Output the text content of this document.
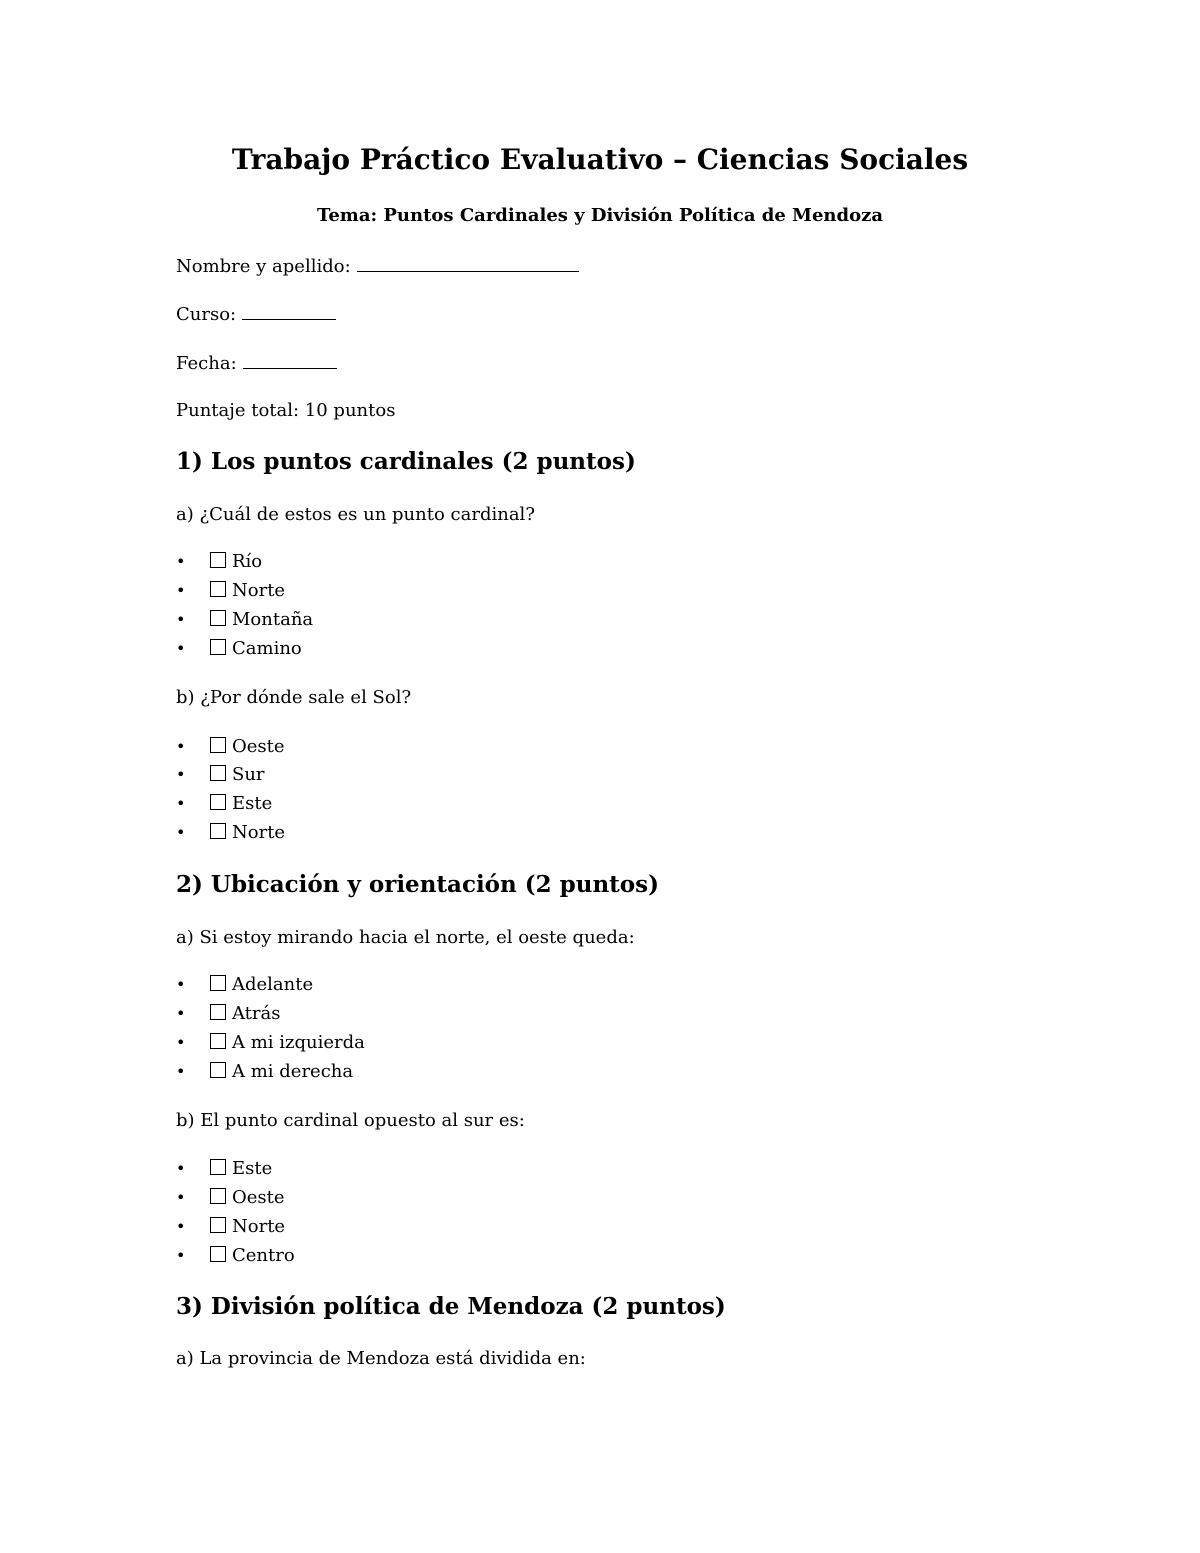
Trabajo Práctico Evaluativo – Ciencias Sociales
Tema: Puntos Cardinales y División Política de Mendoza
Nombre y apellido:
Curso:
Fecha:
Puntaje total: 10 puntos
1) Los puntos cardinales (2 puntos)
a) ¿Cuál de estos es un punto cardinal?
•	Río
•	Norte
•	Montaña
•	Camino
b) ¿Por dónde sale el Sol?
•	Oeste
•	Sur
•	Este
•	Norte
2) Ubicación y orientación (2 puntos)
a) Si estoy mirando hacia el norte, el oeste queda:
•	Adelante
•	Atrás
•	A mi izquierda
•	A mi derecha
b) El punto cardinal opuesto al sur es:
•	Este
•	Oeste
•	Norte
•	Centro
3) División política de Mendoza (2 puntos)
a) La provincia de Mendoza está dividida en:
